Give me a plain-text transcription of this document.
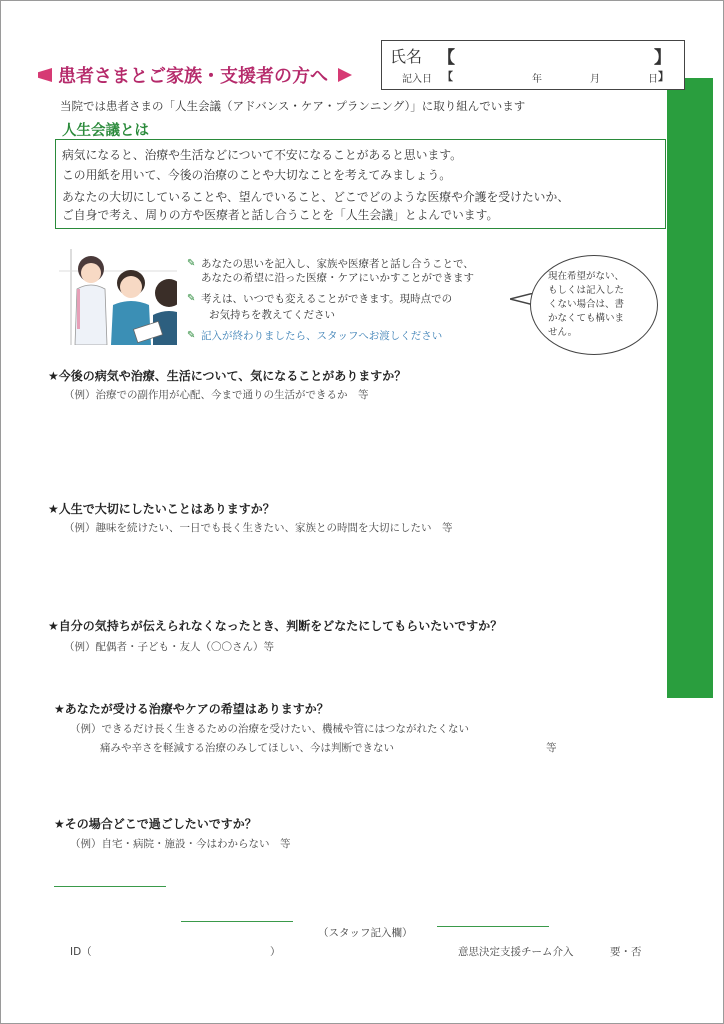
氏名 【	】
記入日 【	年	月	日 】
患者さまとご家族・支援者の方へ
当院では患者さまの「人生会議（アドバンス・ケア・プランニング）」に取り組んでいます
人生会議とは
病気になると、治療や生活などについて不安になることがあると思います。
この用紙を用いて、今後の治療のことや大切なことを考えてみましょう。
あなたの大切にしていることや、望んでいること、どこでどのような医療や介護を受けたいか、
ご自身で考え、周りの方や医療者と話し合うことを「人生会議」とよんでいます。
✎ あなたの思いを記入し、家族や医療者と話し合うことで、
あなたの希望に沿った医療・ケアにいかすことができます
✎ 考えは、いつでも変えることができます。現時点での
お気持ちを教えてください
✎ 記入が終わりましたら、スタッフへお渡しください
現在希望がない、
もしくは記入した
くない場合は、書
かなくても構いま
せん。
★今後の病気や治療、生活について、気になることがありますか？
（例）治療での副作用が心配、今まで通りの生活ができるか　等
★人生で大切にしたいことはありますか？
（例）趣味を続けたい、一日でも長く生きたい、家族との時間を大切にしたい　等
★自分の気持ちが伝えられなくなったとき、判断をどなたにしてもらいたいですか？
（例）配偶者・子ども・友人（〇〇さん）等
★あなたが受ける治療やケアの希望はありますか？
（例）できるだけ長く生きるための治療を受けたい、機械や管にはつながれたくない
痛みや辛さを軽減する治療のみしてほしい、今は判断できない	等
★その場合どこで過ごしたいですか？
（例）自宅・病院・施設・今はわからない　等
（スタッフ記入欄）
ID（	）	意思決定支援チーム介入	要・否
